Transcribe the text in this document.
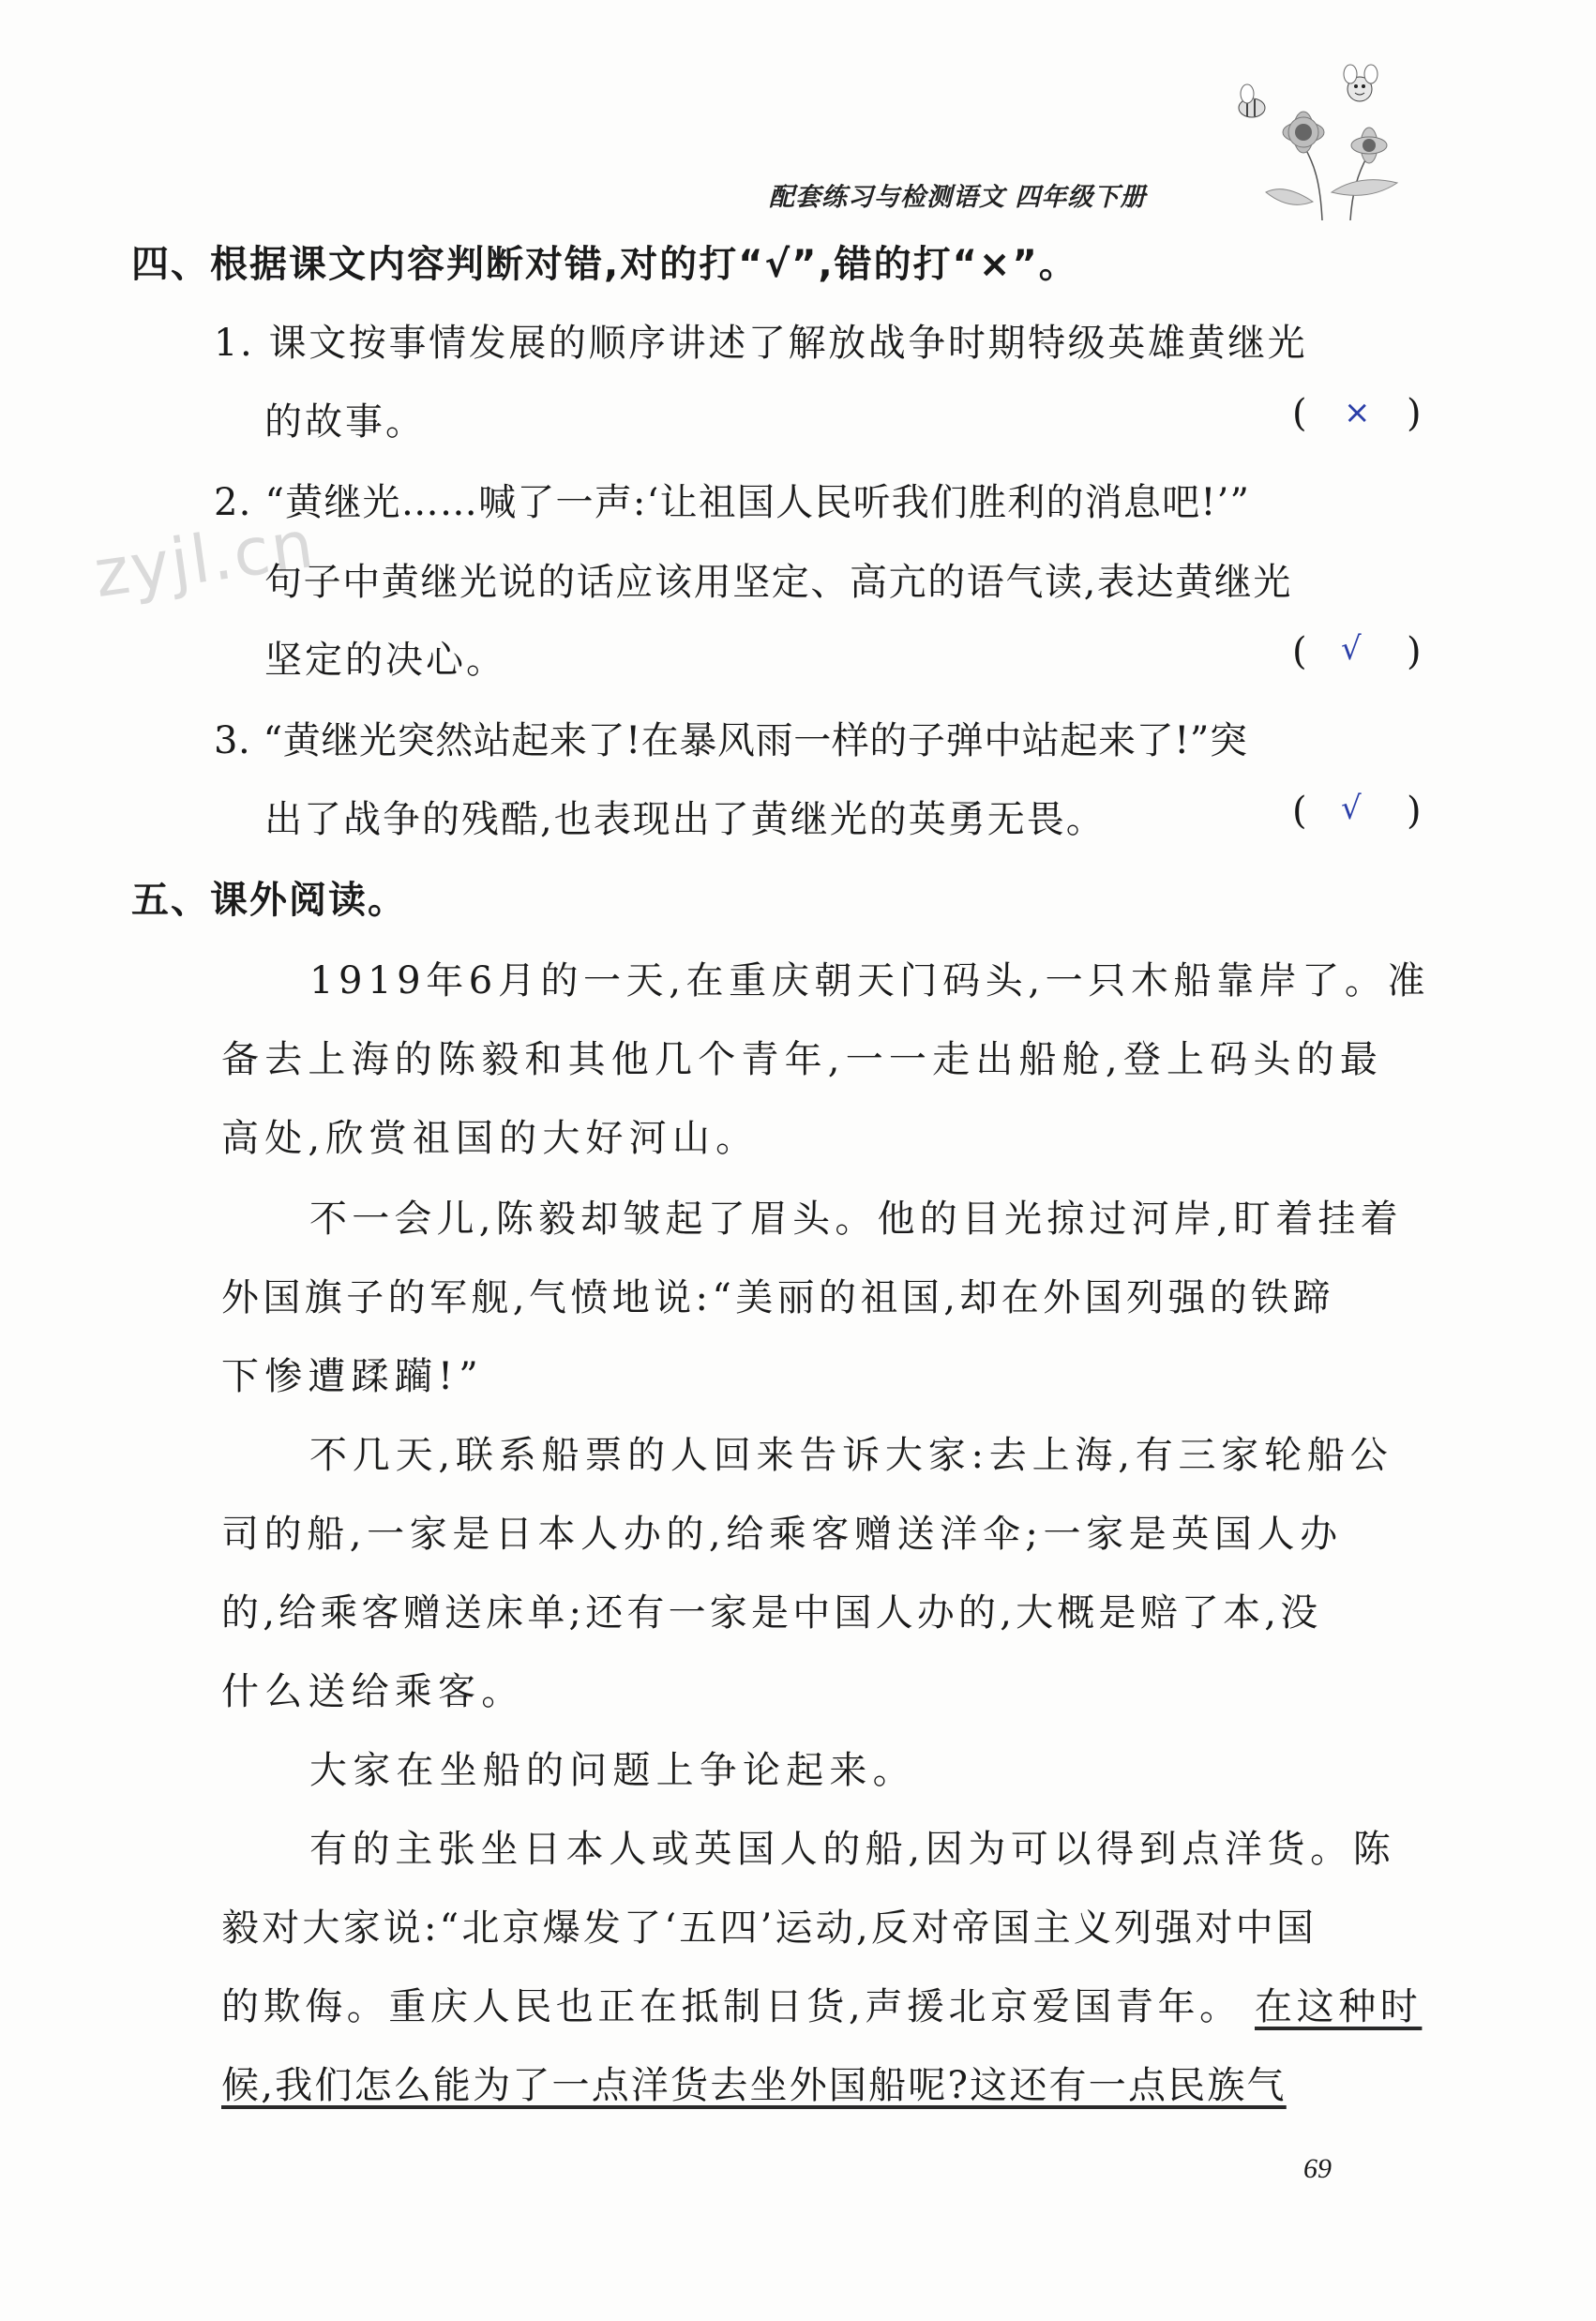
配套练习与检测语文 四年级下册
zyjl.cn
四、根据课文内容判断对错,对的打“√”,错的打“×”。
1. 课文按事情发展的顺序讲述了解放战争时期特级英雄黄继光
的故事。	( × )
2. “黄继光……喊了一声:‘让祖国人民听我们胜利的消息吧!’”
句子中黄继光说的话应该用坚定、高亢的语气读,表达黄继光
坚定的决心。	( √ )
3. “黄继光突然站起来了!在暴风雨一样的子弹中站起来了!”突
出了战争的残酷,也表现出了黄继光的英勇无畏。	( √ )
五、课外阅读。
1919年6月的一天,在重庆朝天门码头,一只木船靠岸了。准
备去上海的陈毅和其他几个青年,一一走出船舱,登上码头的最
高处,欣赏祖国的大好河山。
不一会儿,陈毅却皱起了眉头。他的目光掠过河岸,盯着挂着
外国旗子的军舰,气愤地说:“美丽的祖国,却在外国列强的铁蹄
下惨遭蹂躏!”
不几天,联系船票的人回来告诉大家:去上海,有三家轮船公
司的船,一家是日本人办的,给乘客赠送洋伞;一家是英国人办
的,给乘客赠送床单;还有一家是中国人办的,大概是赔了本,没
什么送给乘客。
大家在坐船的问题上争论起来。
有的主张坐日本人或英国人的船,因为可以得到点洋货。陈
毅对大家说:“北京爆发了‘五四’运动,反对帝国主义列强对中国
的欺侮。重庆人民也正在抵制日货,声援北京爱国青年。 在这种时
候,我们怎么能为了一点洋货去坐外国船呢?这还有一点民族气
69
